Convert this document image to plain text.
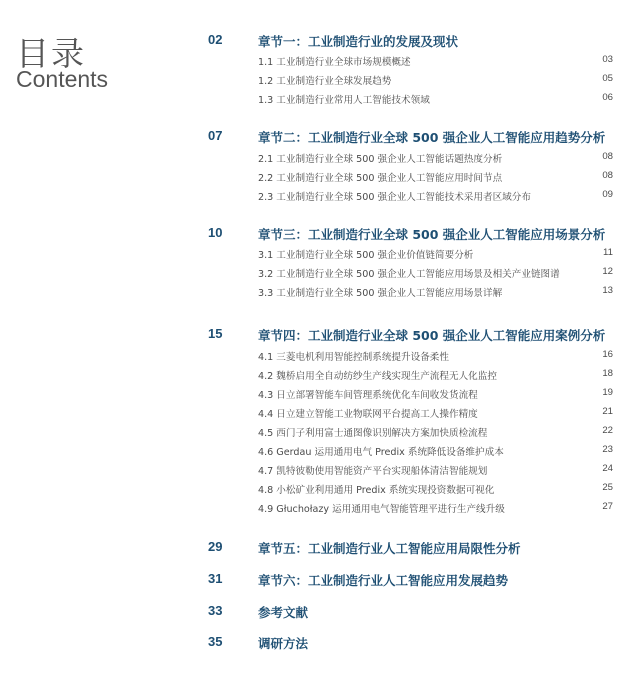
目录
Contents
02	章节一：工业制造行业的发展及现状
1.1 工业制造行业全球市场规模概述	03
1.2 工业制造行业全球发展趋势	05
1.3 工业制造行业常用人工智能技术领域	06
07	章节二：工业制造行业全球 500 强企业人工智能应用趋势分析
2.1 工业制造行业全球 500 强企业人工智能话题热度分析	08
2.2 工业制造行业全球 500 强企业人工智能应用时间节点	08
2.3 工业制造行业全球 500 强企业人工智能技术采用者区域分布	09
10	章节三：工业制造行业全球 500 强企业人工智能应用场景分析
3.1 工业制造行业全球 500 强企业价值链简要分析	11
3.2 工业制造行业全球 500 强企业人工智能应用场景及相关产业链图谱	12
3.3 工业制造行业全球 500 强企业人工智能应用场景详解	13
15	章节四：工业制造行业全球 500 强企业人工智能应用案例分析
4.1 三菱电机利用智能控制系统提升设备柔性	16
4.2 魏桥启用全自动纺纱生产线实现生产流程无人化监控	18
4.3 日立部署智能车间管理系统优化车间收发货流程	19
4.4 日立建立智能工业物联网平台提高工人操作精度	21
4.5 西门子利用富士通图像识别解决方案加快质检流程	22
4.6 Gerdau 运用通用电气 Predix 系统降低设备维护成本	23
4.7 凯特彼勒使用智能资产平台实现船体清洁智能规划	24
4.8 小松矿业利用通用 Predix 系统实现投资数据可视化	25
4.9 Głuchołazy 运用通用电气智能管理平进行生产线升级	27
29	章节五：工业制造行业人工智能应用局限性分析
31	章节六：工业制造行业人工智能应用发展趋势
33	参考文献
35	调研方法
